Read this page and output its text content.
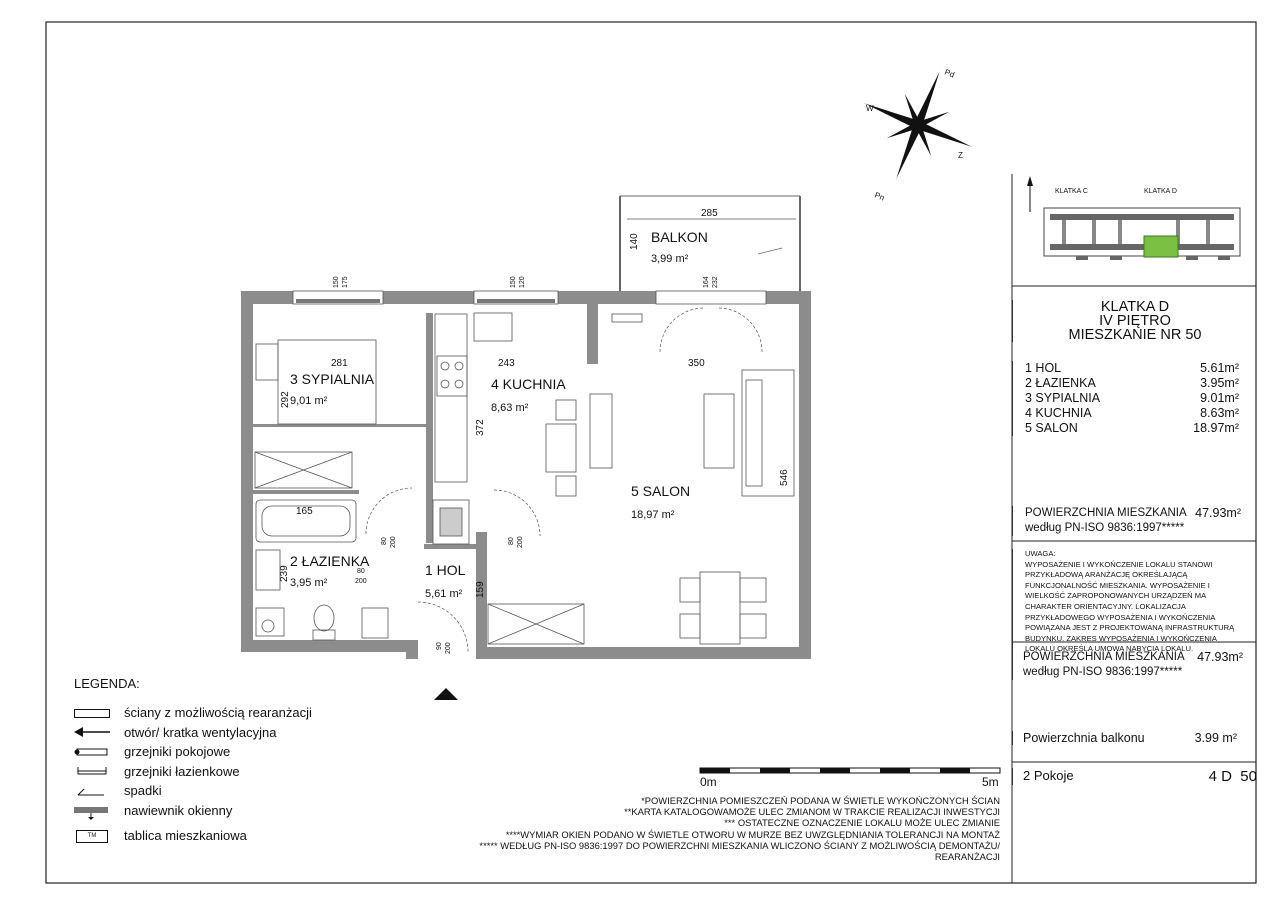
Pd
W
Z
Pn	KLATKA C	KLATKA D
BALKON
3,99 m²
3 SYPIALNIA
9,01 m²
4 KUCHNIA
8,63 m²
5 SALON
18,97 m²
2 ŁAZIENKA
3,95 m²
1 HOL
5,61 m²
285
140
281
292
243
372
350
546
165
239
159
150 175	150 120	164 232
80 200	80 200
80
200
90 200
0m	5m
KLATKA D
IV PIĘTRO
MIESZKANIE NR 50
1 HOL	5.61m²
2 ŁAZIENKA	3.95m²
3 SYPIALNIA	9.01m²
4 KUCHNIA	8.63m²
5 SALON	18.97m²
POWIERZCHNIA MIESZKANIA
według PN-ISO 9836:1997*****
47.93m²
UWAGA:
WYPOSAŻENIE I WYKOŃCZENIE LOKALU STANOWI PRZYKŁADOWĄ ARANŻACJĘ OKREŚLAJĄCĄ FUNKCJONALNOŚĆ MIESZKANIA. WYPOSAŻENIE I WIELKOŚĆ ZAPROPONOWANYCH URZĄDZEŃ MA CHARAKTER ORIENTACYJNY. LOKALIZACJA PRZYKŁADOWEGO WYPOSAŻENIA I WYKOŃCZENIA POWIĄZANA JEST Z PROJEKTOWANĄ INFRASTRUKTURĄ BUDYNKU. ZAKRES WYPOSAŻENIA I WYKOŃCZENIA LOKALU OKREŚLA UMOWA NABYCIA LOKALU.
POWIERZCHNIA MIESZKANIA
według PN-ISO 9836:1997*****
47.93m²
Powierzchnia balkonu	3.99 m²
2 Pokoje	4 D  50
LEGENDA:
ściany z możliwością rearanżacji
otwór/ kratka wentylacyjna
grzejniki pokojowe
grzejniki łazienkowe
spadki
nawiewnik okienny
TM	tablica mieszkaniowa
*POWIERZCHNIA POMIESZCZEŃ PODANA W ŚWIETLE WYKOŃCZONYCH ŚCIAN
**KARTA KATALOGOWAMOŻE ULEC ZMIANOM W TRAKCIE REALIZACJI INWESTYCJI
*** OSTATECZNE OZNACZENIE LOKALU MOŻE ULEC ZMIANIE
****WYMIAR OKIEN PODANO W ŚWIETLE OTWORU W MURZE BEZ UWZGLĘDNIANIA TOLERANCJI NA MONTAŻ
***** WEDŁUG PN-ISO 9836:1997 DO POWIERZCHNI MIESZKANIA WLICZONO ŚCIANY Z MOŻLIWOŚCIĄ DEMONTAŻU/
REARANŻACJI
